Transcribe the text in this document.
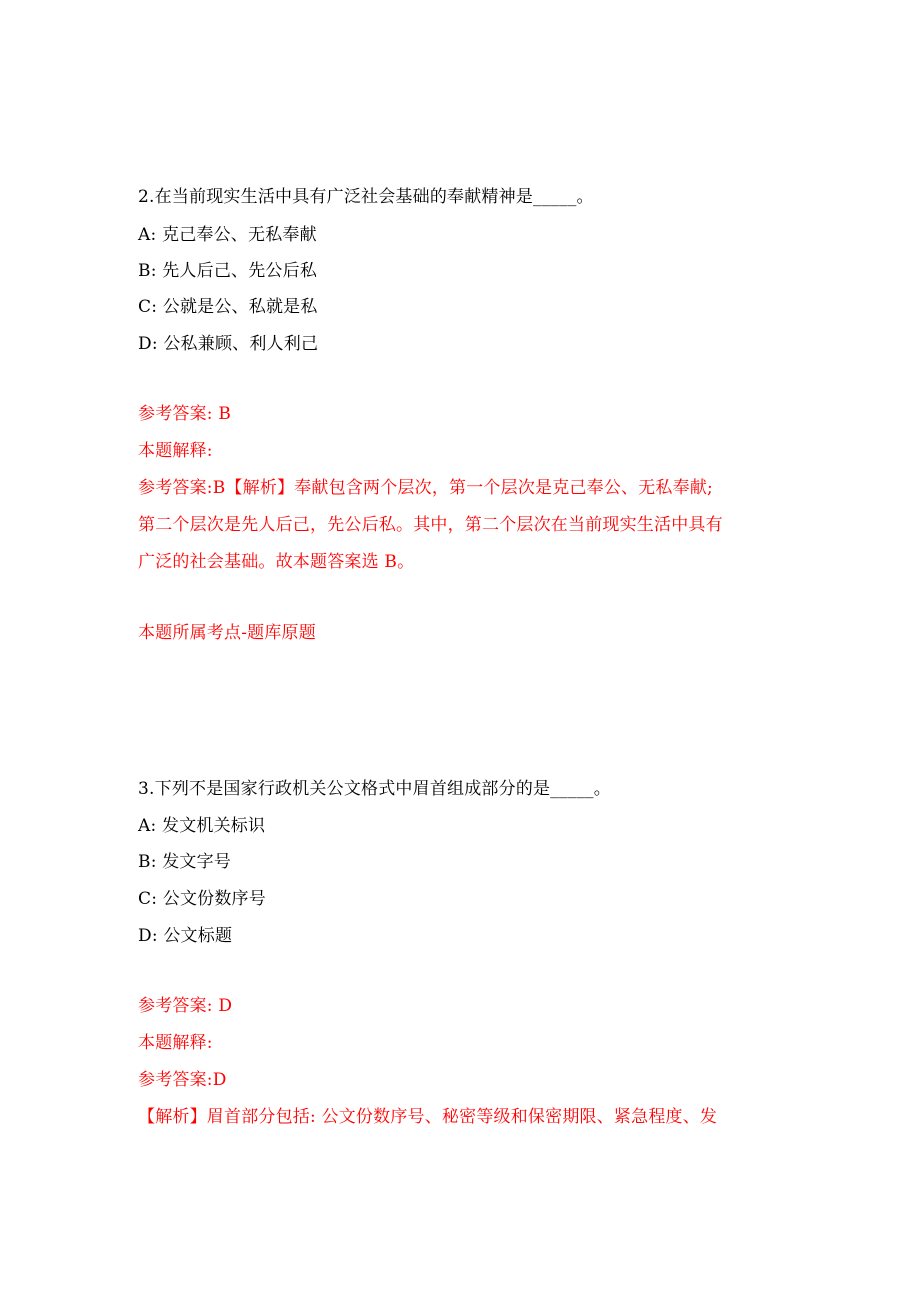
2.在当前现实生活中具有广泛社会基础的奉献精神是_____。
A: 克己奉公、无私奉献
B: 先人后己、先公后私
C: 公就是公、私就是私
D: 公私兼顾、利人利己
参考答案: B
本题解释:
参考答案:B【解析】奉献包含两个层次，第一个层次是克己奉公、无私奉献;
第二个层次是先人后己，先公后私。其中，第二个层次在当前现实生活中具有
广泛的社会基础。故本题答案选 B。
本题所属考点-题库原题
3.下列不是国家行政机关公文格式中眉首组成部分的是_____。
A: 发文机关标识
B: 发文字号
C: 公文份数序号
D: 公文标题
参考答案: D
本题解释:
参考答案:D
【解析】眉首部分包括: 公文份数序号、秘密等级和保密期限、紧急程度、发
